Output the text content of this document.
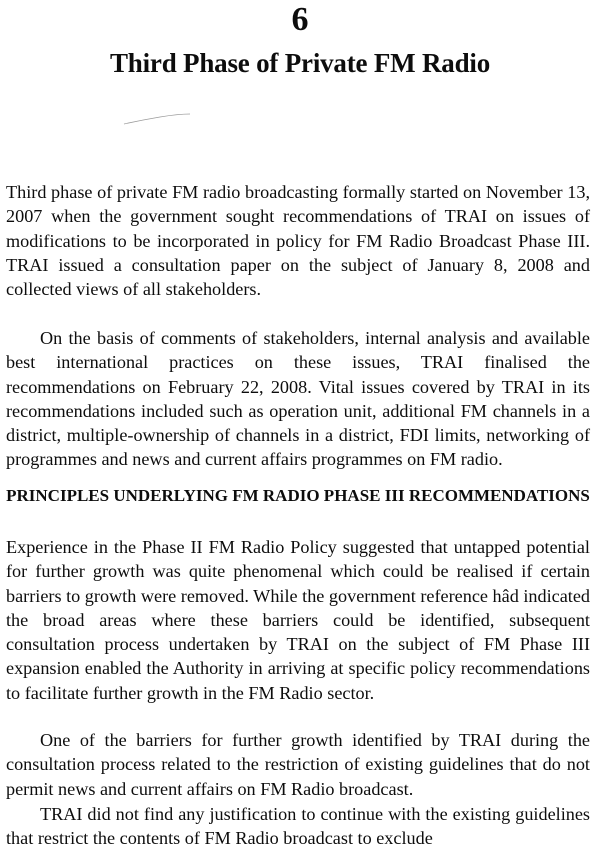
6
Third Phase of Private FM Radio

Third phase of private FM radio broadcasting formally started on November 13, 2007 when the government sought recommendations of TRAI on issues of modifications to be incorporated in policy for FM Radio Broadcast Phase III. TRAI issued a consultation paper on the subject of January 8, 2008 and collected views of all stakeholders.

On the basis of comments of stakeholders, internal analysis and available best international practices on these issues, TRAI finalised the recommendations on February 22, 2008. Vital issues covered by TRAI in its recommendations included such as operation unit, additional FM channels in a district, multiple-ownership of channels in a district, FDI limits, networking of programmes and news and current affairs programmes on FM radio.

PRINCIPLES UNDERLYING FM RADIO PHASE III RECOMMENDATIONS

Experience in the Phase II FM Radio Policy suggested that untapped potential for further growth was quite phenomenal which could be realised if certain barriers to growth were removed. While the government reference hâd indicated the broad areas where these barriers could be identified, subsequent consultation process undertaken by TRAI on the subject of FM Phase III expansion enabled the Authority in arriving at specific policy recommendations to facilitate further growth in the FM Radio sector.

One of the barriers for further growth identified by TRAI during the consultation process related to the restriction of existing guidelines that do not permit news and current affairs on FM Radio broadcast.

TRAI did not find any justification to continue with the existing guidelines that restrict the contents of FM Radio broadcast to exclude
